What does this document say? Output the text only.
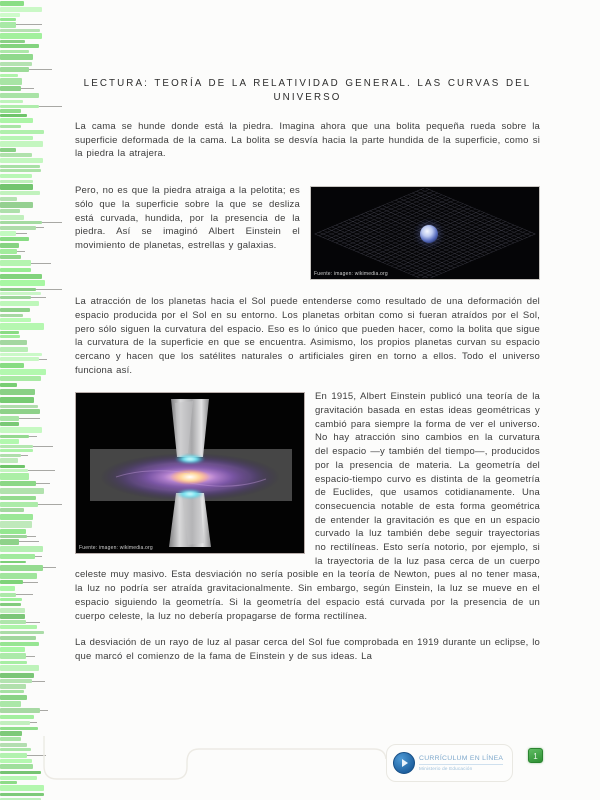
LECTURA: TEORÍA DE LA RELATIVIDAD GENERAL. LAS CURVAS DEL
UNIVERSO
La cama se hunde donde está la piedra. Imagina ahora que una bolita pequeña rueda sobre la superficie deformada de la cama. La bolita se desvía hacia la parte hundida de la superficie, como si la piedra la atrajera.
Fuente: imagen: wikimedia.org
Pero, no es que la piedra atraiga a la pelotita; es sólo que la superficie sobre la que se desliza está curvada, hundida, por la presencia de la piedra. Así se imaginó Albert Einstein el movimiento de planetas, estrellas y galaxias.
La atracción de los planetas hacia el Sol puede entenderse como resultado de una deformación del espacio producida por el Sol en su entorno. Los planetas orbitan como si fueran atraídos por el Sol, pero sólo siguen la curvatura del espacio. Eso es lo único que pueden hacer, como la bolita que sigue la curvatura de la superficie en que se encuentra. Asimismo, los propios planetas curvan su espacio cercano y hacen que los satélites naturales o artificiales giren en torno a ellos. Todo el universo funciona así.
Fuente: imagen: wikimedia.org
En 1915, Albert Einstein publicó una teoría de la gravitación basada en estas ideas geométricas y cambió para siempre la forma de ver el universo. No hay atracción sino cambios en la curvatura del espacio —y también del tiempo—, producidos por la presencia de materia. La geometría del espacio-tiempo curvo es distinta de la geometría de Euclides, que usamos cotidianamente. Una consecuencia notable de esta forma geométrica de entender la gravitación es que en un espacio curvado la luz también debe seguir trayectorias no rectilíneas. Esto sería notorio, por ejemplo, si la trayectoria de la luz pasa cerca de un cuerpo celeste muy masivo. Esta desviación no sería posible en la teoría de Newton, pues al no tener masa, la luz no podría ser atraída gravitacionalmente. Sin embargo, según Einstein, la luz se mueve en el espacio siguiendo la geometría. Si la geometría del espacio está curvada por la presencia de un cuerpo celeste, la luz no debería propagarse de forma rectilínea.
La desviación de un rayo de luz al pasar cerca del Sol fue comprobada en 1919 durante un eclipse, lo que marcó el comienzo de la fama de Einstein y de sus ideas. La
CURRÍCULUM EN LÍNEA
Ministerio de Educación
1
